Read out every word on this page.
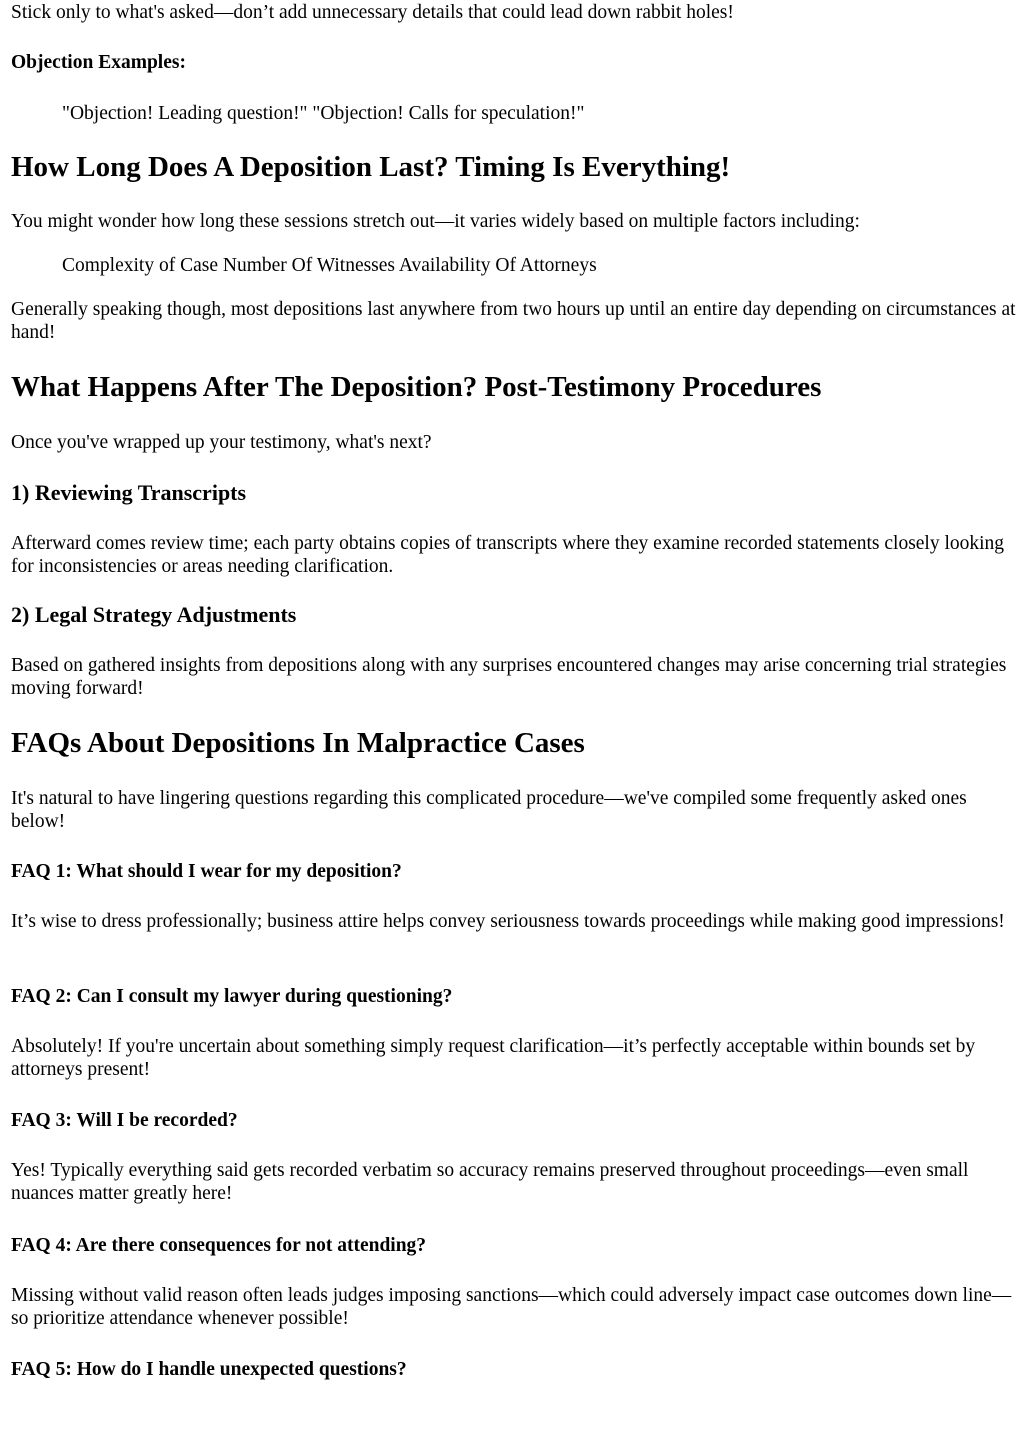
Stick only to what's asked—don’t add unnecessary details that could lead down rabbit holes!

Objection Examples:

"Objection! Leading question!" "Objection! Calls for speculation!"
How Long Does A Deposition Last? Timing Is Everything!

You might wonder how long these sessions stretch out—it varies widely based on multiple factors including:

Complexity of Case Number Of Witnesses Availability Of Attorneys

Generally speaking though, most depositions last anywhere from two hours up until an entire day depending on circumstances at hand!

What Happens After The Deposition? Post-Testimony Procedures

Once you've wrapped up your testimony, what's next?

1) Reviewing Transcripts

Afterward comes review time; each party obtains copies of transcripts where they examine recorded statements closely looking for inconsistencies or areas needing clarification.

2) Legal Strategy Adjustments

Based on gathered insights from depositions along with any surprises encountered changes may arise concerning trial strategies moving forward!

FAQs About Depositions In Malpractice Cases

It's natural to have lingering questions regarding this complicated procedure—we've compiled some frequently asked ones below!

FAQ 1: What should I wear for my deposition?

It’s wise to dress professionally; business attire helps convey seriousness towards proceedings while making good impressions!

FAQ 2: Can I consult my lawyer during questioning?

Absolutely! If you're uncertain about something simply request clarification—it’s perfectly acceptable within bounds set by attorneys present!

FAQ 3: Will I be recorded?

Yes! Typically everything said gets recorded verbatim so accuracy remains preserved throughout proceedings—even small nuances matter greatly here!

FAQ 4: Are there consequences for not attending?

Missing without valid reason often leads judges imposing sanctions—which could adversely impact case outcomes down line—so prioritize attendance whenever possible!

FAQ 5: How do I handle unexpected questions?
